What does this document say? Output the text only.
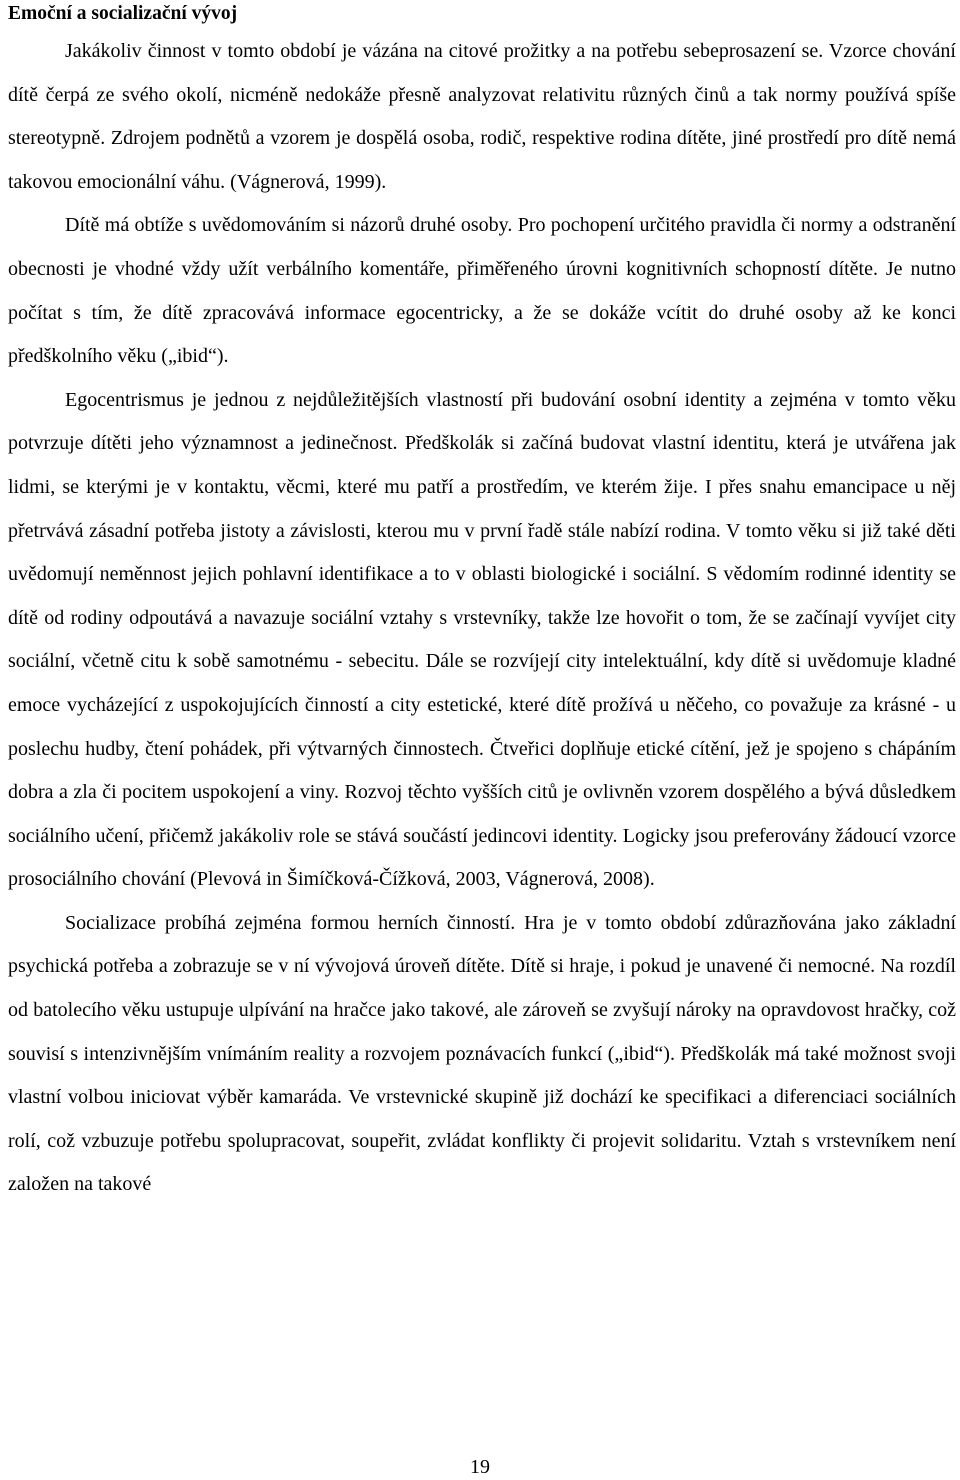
Emoční a socializační vývoj

Jakákoliv činnost v tomto období je vázána na citové prožitky a na potřebu sebeprosazení se. Vzorce chování dítě čerpá ze svého okolí, nicméně nedokáže přesně analyzovat relativitu různých činů a tak normy používá spíše stereotypně. Zdrojem podnětů a vzorem je dospělá osoba, rodič, respektive rodina dítěte, jiné prostředí pro dítě nemá takovou emocionální váhu. (Vágnerová, 1999).

Dítě má obtíže s uvědomováním si názorů druhé osoby. Pro pochopení určitého pravidla či normy a odstranění obecnosti je vhodné vždy užít verbálního komentáře, přiměřeného úrovni kognitivních schopností dítěte. Je nutno počítat s tím, že dítě zpracovává informace egocentricky, a že se dokáže vcítit do druhé osoby až ke konci předškolního věku („ibid“).

Egocentrismus je jednou z nejdůležitějších vlastností při budování osobní identity a zejména v tomto věku potvrzuje dítěti jeho významnost a jedinečnost. Předškolák si začíná budovat vlastní identitu, která je utvářena jak lidmi, se kterými je v kontaktu, věcmi, které mu patří a prostředím, ve kterém žije. I přes snahu emancipace u něj přetrvává zásadní potřeba jistoty a závislosti, kterou mu v první řadě stále nabízí rodina. V tomto věku si již také děti uvědomují neměnnost jejich pohlavní identifikace a to v oblasti biologické i sociální. S vědomím rodinné identity se dítě od rodiny odpoutává a navazuje sociální vztahy s vrstevníky, takže lze hovořit o tom, že se začínají vyvíjet city sociální, včetně citu k sobě samotnému - sebecitu. Dále se rozvíjejí city intelektuální, kdy dítě si uvědomuje kladné emoce vycházející z uspokojujících činností a city estetické, které dítě prožívá u něčeho, co považuje za krásné - u poslechu hudby, čtení pohádek, při výtvarných činnostech. Čtveřici doplňuje etické cítění, jež je spojeno s chápáním dobra a zla či pocitem uspokojení a viny. Rozvoj těchto vyšších citů je ovlivněn vzorem dospělého a bývá důsledkem sociálního učení, přičemž jakákoliv role se stává součástí jedincovi identity. Logicky jsou preferovány žádoucí vzorce prosociálního chování (Plevová in Šimíčková-Čížková, 2003, Vágnerová, 2008).

Socializace probíhá zejména formou herních činností. Hra je v tomto období zdůrazňována jako základní psychická potřeba a zobrazuje se v ní vývojová úroveň dítěte. Dítě si hraje, i pokud je unavené či nemocné. Na rozdíl od batolecího věku ustupuje ulpívání na hračce jako takové, ale zároveň se zvyšují nároky na opravdovost hračky, což souvisí s intenzivnějším vnímáním reality a rozvojem poznávacích funkcí („ibid“). Předškolák má také možnost svoji vlastní volbou iniciovat výběr kamaráda. Ve vrstevnické skupině již dochází ke specifikaci a diferenciaci sociálních rolí, což vzbuzuje potřebu spolupracovat, soupeřit, zvládat konflikty či projevit solidaritu. Vztah s vrstevníkem není založen na takové

19
